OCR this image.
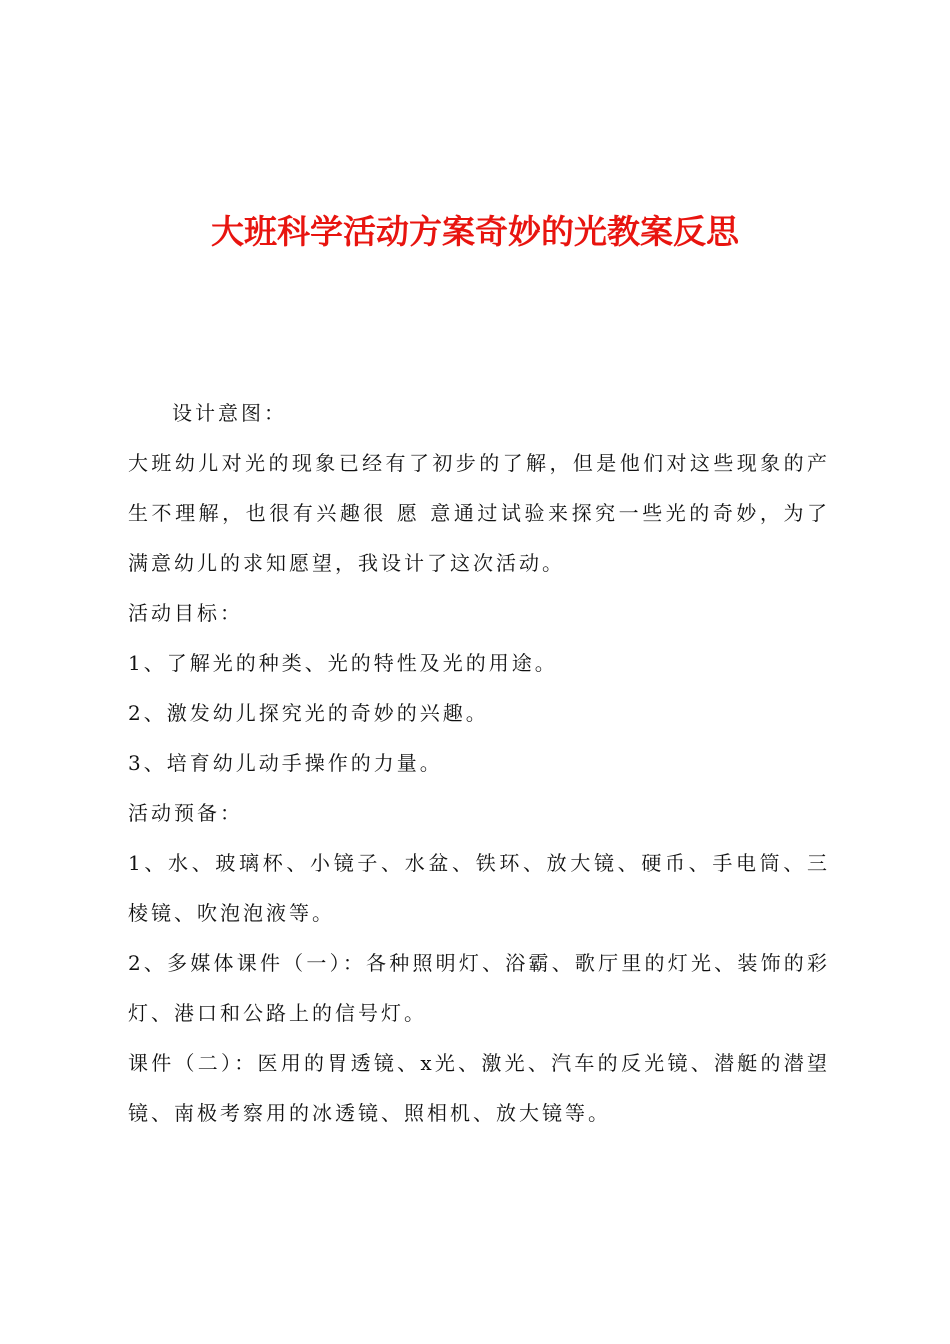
大班科学活动方案奇妙的光教案反思

设计意图：

大班幼儿对光的现象已经有了初步的了解，但是他们对这些现象的产生不理解，也很有兴趣很 愿 意通过试验来探究一些光的奇妙，为了满意幼儿的求知愿望，我设计了这次活动。

活动目标：

1、了解光的种类、光的特性及光的用途。

2、激发幼儿探究光的奇妙的兴趣。

3、培育幼儿动手操作的力量。

活动预备：

1、水、玻璃杯、小镜子、水盆、铁环、放大镜、硬币、手电筒、三棱镜、吹泡泡液等。

2、多媒体课件（一）：各种照明灯、浴霸、歌厅里的灯光、装饰的彩灯、港口和公路上的信号灯。

课件（二）：医用的胃透镜、x光、激光、汽车的反光镜、潜艇的潜望镜、南极考察用的冰透镜、照相机、放大镜等。
